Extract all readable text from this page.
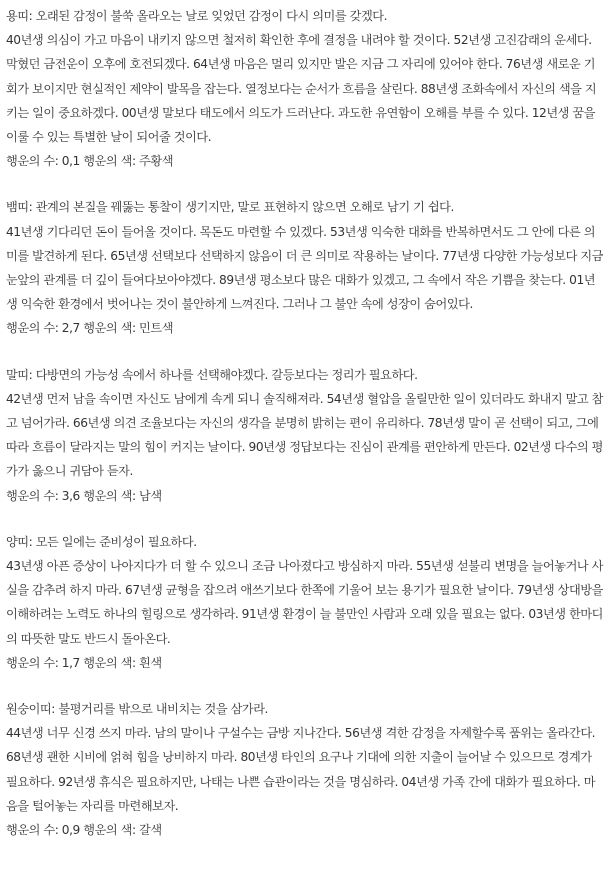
용띠: 오래된 감정이 불쑥 올라오는 날로 잊었던 감정이 다시 의미를 갖겠다.

40년생 의심이 가고 마음이 내키지 않으면 철저히 확인한 후에 결정을 내려야 할 것이다. 52년생 고진감래의 운세다. 막혔던 금전운이 오후에 호전되겠다. 64년생 마음은 멀리 있지만 발은 지금 그 자리에 있어야 한다. 76년생 새로운 기회가 보이지만 현실적인 제약이 발목을 잡는다. 열정보다는 순서가 흐름을 살린다. 88년생 조화속에서 자신의 색을 지키는 일이 중요하겠다. 00년생 말보다 태도에서 의도가 드러난다. 과도한 유연함이 오해를 부를 수 있다. 12년생 꿈을 이룰 수 있는 특별한 날이 되어줄 것이다.

행운의 수: 0,1 행운의 색: 주황색

뱀띠: 관계의 본질을 꿰뚫는 통찰이 생기지만, 말로 표현하지 않으면 오해로 남기 기 쉽다.

41년생 기다리던 돈이 들어올 것이다. 목돈도 마련할 수 있겠다. 53년생 익숙한 대화를 반복하면서도 그 안에 다른 의미를 발견하게 된다. 65년생 선택보다 선택하지 않음이 더 큰 의미로 작용하는 날이다. 77년생 다양한 가능성보다 지금 눈앞의 관계를 더 깊이 들여다보아야겠다. 89년생 평소보다 많은 대화가 있겠고, 그 속에서 작은 기쁨을 찾는다. 01년생 익숙한 환경에서 벗어나는 것이 불안하게 느껴진다. 그러나 그 불안 속에 성장이 숨어있다.

행운의 수: 2,7 행운의 색: 민트색

말띠: 다방면의 가능성 속에서 하나를 선택해야겠다. 갈등보다는 정리가 필요하다.

42년생 먼저 남을 속이면 자신도 남에게 속게 되니 솔직해져라. 54년생 혈압을 올릴만한 일이 있더라도 화내지 말고 참고 넘어가라. 66년생 의견 조율보다는 자신의 생각을 분명히 밝히는 편이 유리하다. 78년생 말이 곧 선택이 되고, 그에 따라 흐름이 달라지는 말의 힘이 커지는 날이다. 90년생 정답보다는 진심이 관계를 편안하게 만든다. 02년생 다수의 평가가 옳으니 귀담아 듣자.

행운의 수: 3,6 행운의 색: 남색

양띠: 모든 일에는 준비성이 필요하다.

43년생 아픈 증상이 나아지다가 더 할 수 있으니 조금 나아졌다고 방심하지 마라. 55년생 섣불리 변명을 늘어놓거나 사실을 감추려 하지 마라. 67년생 균형을 잡으려 애쓰기보다 한쪽에 기울어 보는 용기가 필요한 날이다. 79년생 상대방을 이해하려는 노력도 하나의 힐링으로 생각하라. 91년생 환경이 늘 불만인 사람과 오래 있을 필요는 없다. 03년생 한마디의 따뜻한 말도 반드시 돌아온다.

행운의 수: 1,7 행운의 색: 흰색

원숭이띠: 불평거리를 밖으로 내비치는 것을 삼가라.

44년생 너무 신경 쓰지 마라. 남의 말이나 구설수는 금방 지나간다. 56년생 격한 감정을 자제할수록 품위는 올라간다. 68년생 괜한 시비에 얽혀 힘을 낭비하지 마라. 80년생 타인의 요구나 기대에 의한 지출이 늘어날 수 있으므로 경계가 필요하다. 92년생 휴식은 필요하지만, 나태는 나쁜 습관이라는 것을 명심하라. 04년생 가족 간에 대화가 필요하다. 마음을 털어놓는 자리를 마련해보자.

행운의 수: 0,9 행운의 색: 갈색
